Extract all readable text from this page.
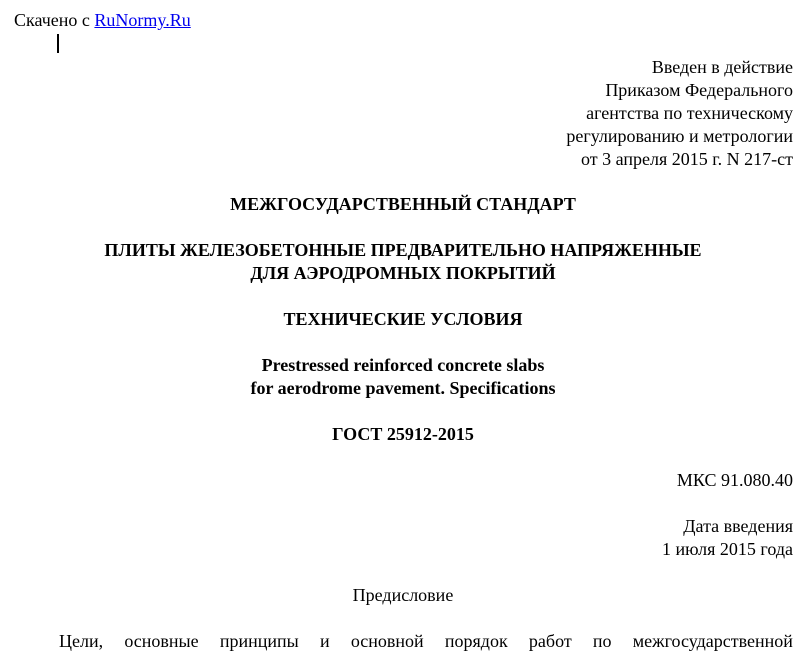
Скачено с RuNormy.Ru
Введен в действие
Приказом Федерального
агентства по техническому
регулированию и метрологии
от 3 апреля 2015 г. N 217-ст
МЕЖГОСУДАРСТВЕННЫЙ СТАНДАРТ
ПЛИТЫ ЖЕЛЕЗОБЕТОННЫЕ ПРЕДВАРИТЕЛЬНО НАПРЯЖЕННЫЕ
ДЛЯ АЭРОДРОМНЫХ ПОКРЫТИЙ
ТЕХНИЧЕСКИЕ УСЛОВИЯ
Prestressed reinforced concrete slabs
for aerodrome pavement. Specifications
ГОСТ 25912-2015
МКС 91.080.40
Дата введения
1 июля 2015 года
Предисловие
Цели, основные принципы и основной порядок работ по межгосударственной
